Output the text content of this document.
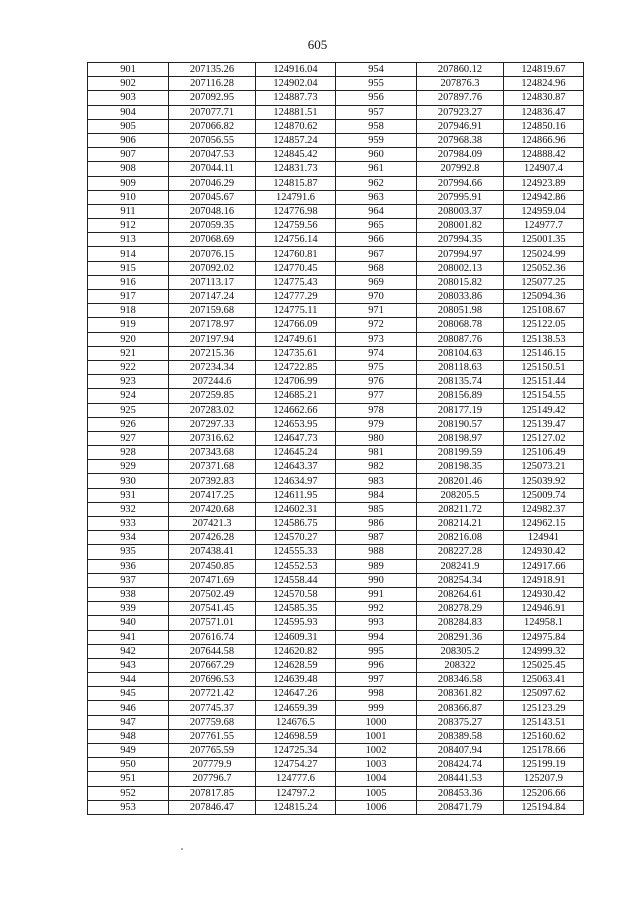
605
901	207135.26	124916.04	954	207860.12	124819.67
902	207116.28	124902.04	955	207876.3	124824.96
903	207092.95	124887.73	956	207897.76	124830.87
904	207077.71	124881.51	957	207923.27	124836.47
905	207066.82	124870.62	958	207946.91	124850.16
906	207056.55	124857.24	959	207968.38	124866.96
907	207047.53	124845.42	960	207984.09	124888.42
908	207044.11	124831.73	961	207992.8	124907.4
909	207046.29	124815.87	962	207994.66	124923.89
910	207045.67	124791.6	963	207995.91	124942.86
911	207048.16	124776.98	964	208003.37	124959.04
912	207059.35	124759.56	965	208001.82	124977.7
913	207068.69	124756.14	966	207994.35	125001.35
914	207076.15	124760.81	967	207994.97	125024.99
915	207092.02	124770.45	968	208002.13	125052.36
916	207113.17	124775.43	969	208015.82	125077.25
917	207147.24	124777.29	970	208033.86	125094.36
918	207159.68	124775.11	971	208051.98	125108.67
919	207178.97	124766.09	972	208068.78	125122.05
920	207197.94	124749.61	973	208087.76	125138.53
921	207215.36	124735.61	974	208104.63	125146.15
922	207234.34	124722.85	975	208118.63	125150.51
923	207244.6	124706.99	976	208135.74	125151.44
924	207259.85	124685.21	977	208156.89	125154.55
925	207283.02	124662.66	978	208177.19	125149.42
926	207297.33	124653.95	979	208190.57	125139.47
927	207316.62	124647.73	980	208198.97	125127.02
928	207343.68	124645.24	981	208199.59	125106.49
929	207371.68	124643.37	982	208198.35	125073.21
930	207392.83	124634.97	983	208201.46	125039.92
931	207417.25	124611.95	984	208205.5	125009.74
932	207420.68	124602.31	985	208211.72	124982.37
933	207421.3	124586.75	986	208214.21	124962.15
934	207426.28	124570.27	987	208216.08	124941
935	207438.41	124555.33	988	208227.28	124930.42
936	207450.85	124552.53	989	208241.9	124917.66
937	207471.69	124558.44	990	208254.34	124918.91
938	207502.49	124570.58	991	208264.61	124930.42
939	207541.45	124585.35	992	208278.29	124946.91
940	207571.01	124595.93	993	208284.83	124958.1
941	207616.74	124609.31	994	208291.36	124975.84
942	207644.58	124620.82	995	208305.2	124999.32
943	207667.29	124628.59	996	208322	125025.45
944	207696.53	124639.48	997	208346.58	125063.41
945	207721.42	124647.26	998	208361.82	125097.62
946	207745.37	124659.39	999	208366.87	125123.29
947	207759.68	124676.5	1000	208375.27	125143.51
948	207761.55	124698.59	1001	208389.58	125160.62
949	207765.59	124725.34	1002	208407.94	125178.66
950	207779.9	124754.27	1003	208424.74	125199.19
951	207796.7	124777.6	1004	208441.53	125207.9
952	207817.85	124797.2	1005	208453.36	125206.66
953	207846.47	124815.24	1006	208471.79	125194.84
